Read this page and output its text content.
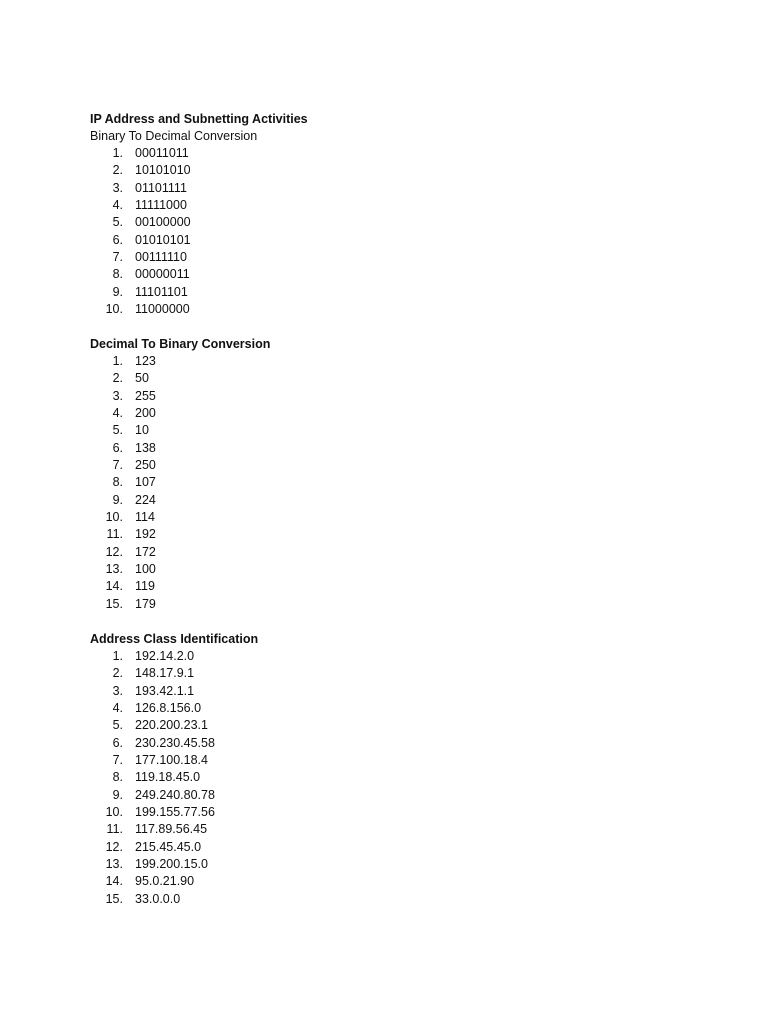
IP Address and Subnetting Activities
Binary To Decimal Conversion
1. 00011011
2. 10101010
3. 01101111
4. 11111000
5. 00100000
6. 01010101
7. 00111110
8. 00000011
9. 11101101
10. 11000000
Decimal To Binary Conversion
1. 123
2. 50
3. 255
4. 200
5. 10
6. 138
7. 250
8. 107
9. 224
10. 114
11. 192
12. 172
13. 100
14. 119
15. 179
Address Class Identification
1. 192.14.2.0
2. 148.17.9.1
3. 193.42.1.1
4. 126.8.156.0
5. 220.200.23.1
6. 230.230.45.58
7. 177.100.18.4
8. 119.18.45.0
9. 249.240.80.78
10. 199.155.77.56
11. 117.89.56.45
12. 215.45.45.0
13. 199.200.15.0
14. 95.0.21.90
15. 33.0.0.0
